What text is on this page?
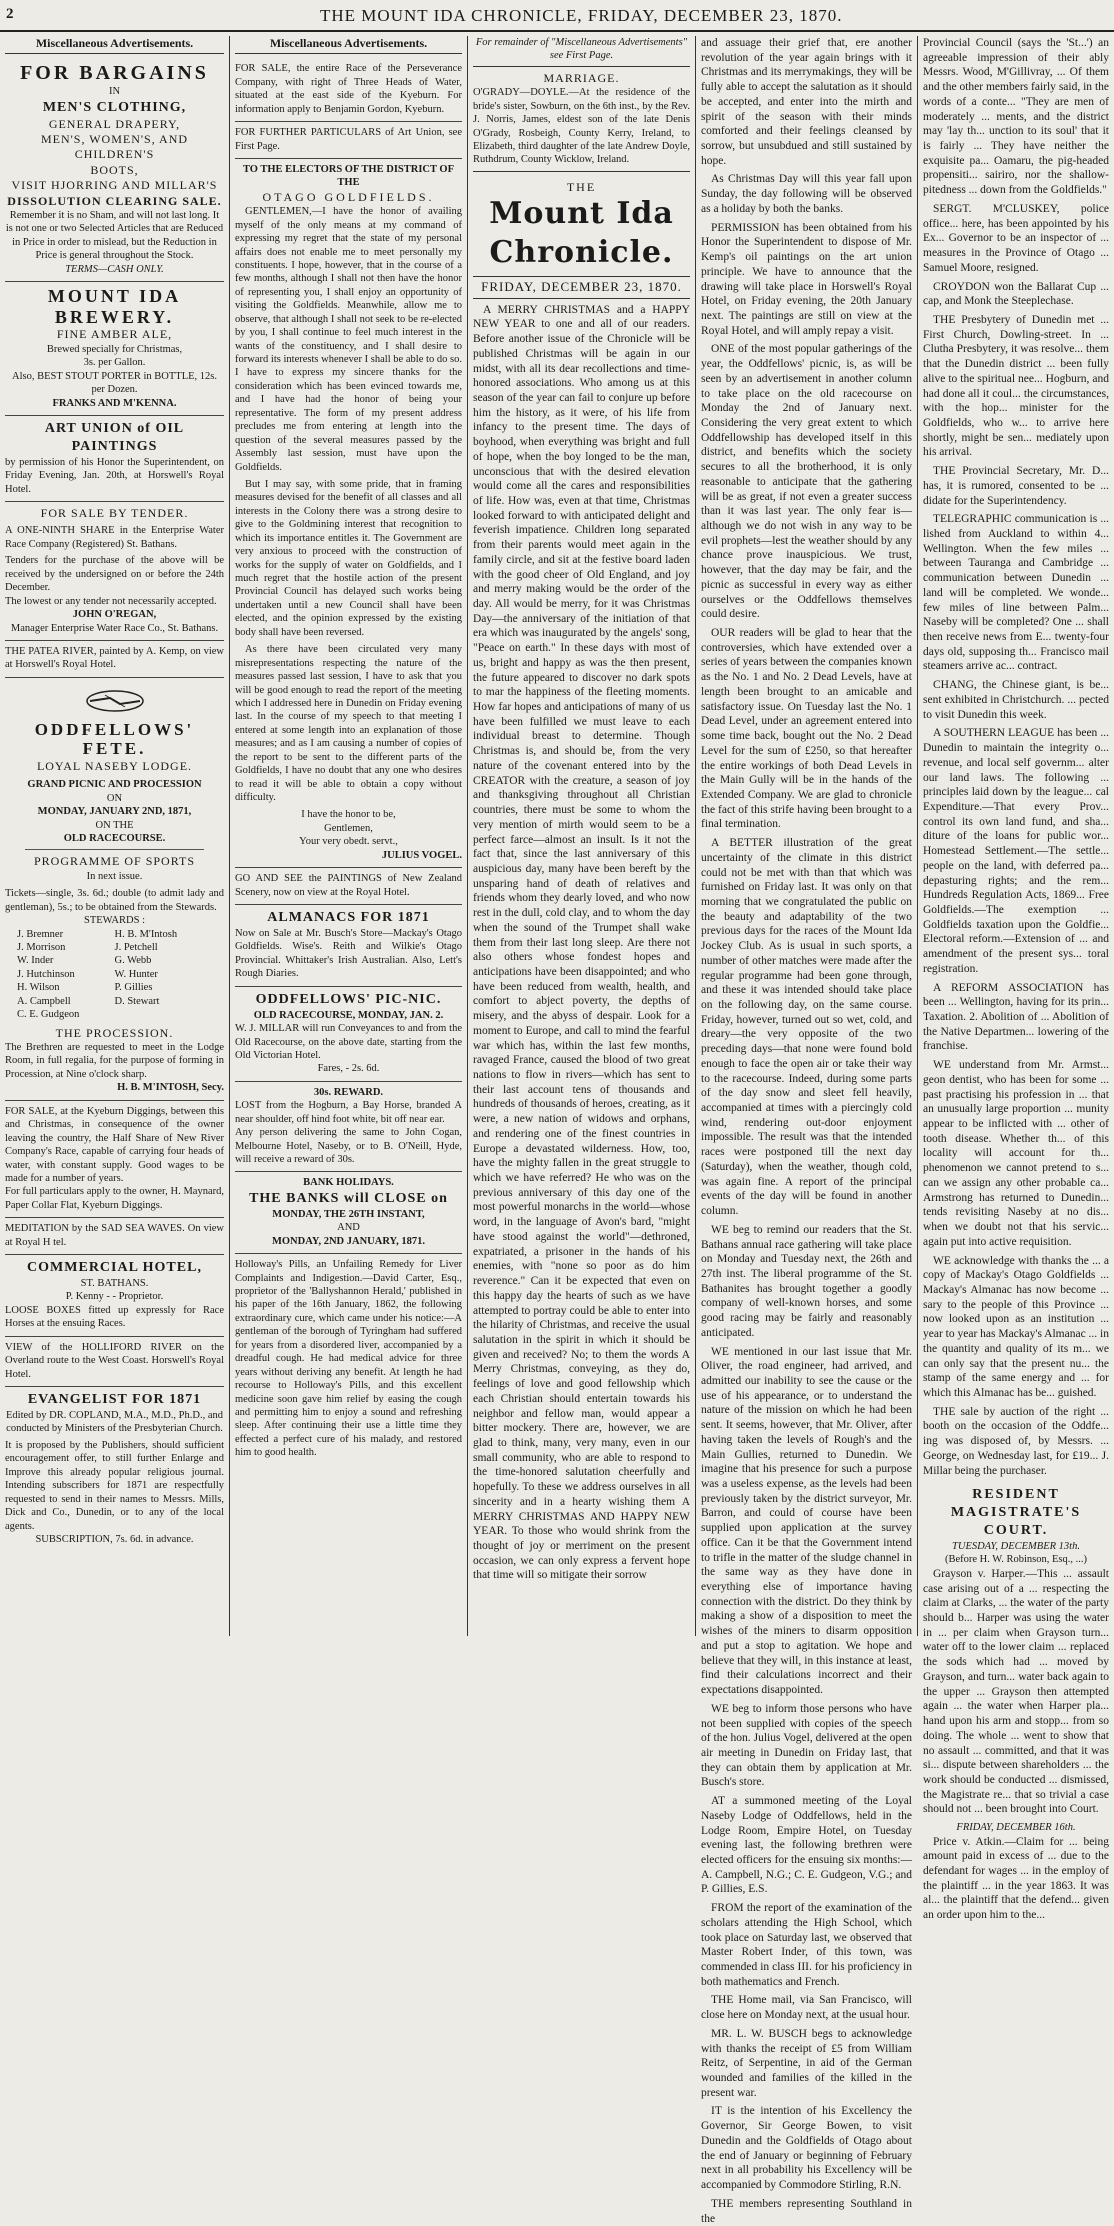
2	THE MOUNT IDA CHRONICLE, FRIDAY, DECEMBER 23, 1870.
Miscellaneous Advertisements.
FOR BARGAINS
IN
MEN'S CLOTHING,
GENERAL DRAPERY,
MEN'S, WOMEN'S, AND CHILDREN'S
BOOTS,
VISIT HJORRING AND MILLAR'S
DISSOLUTION CLEARING SALE.
Remember it is no Sham, and will not last long. It is not one or two Selected Articles that are Reduced in Price in order to mislead, but the Reduction in Price is general throughout the Stock.
TERMS—CASH ONLY.
MOUNT IDA BREWERY.
FINE AMBER ALE,
Brewed specially for Christmas,
3s. per Gallon.
Also, BEST STOUT PORTER in BOTTLE, 12s. per Dozen.
FRANKS AND M'KENNA.
ART UNION of OIL PAINTINGS
by permission of his Honor the Superintendent, on Friday Evening, Jan. 20th, at Horswell's Royal Hotel.
FOR SALE BY TENDER.
A ONE-NINTH SHARE in the Enterprise Water Race Company (Registered) St. Bathans.
Tenders for the purchase of the above will be received by the undersigned on or before the 24th December.
The lowest or any tender not necessarily accepted.
JOHN O'REGAN,
Manager Enterprise Water Race Co., St. Bathans.
THE PATEA RIVER, painted by A. Kemp, on view at Horswell's Royal Hotel.
ODDFELLOWS' FETE.
LOYAL NASEBY LODGE.
GRAND PICNIC AND PROCESSION
ON
MONDAY, JANUARY 2ND, 1871,
ON THE
OLD RACECOURSE.
PROGRAMME OF SPORTS
In next issue.
Tickets—single, 3s. 6d.; double (to admit lady and gentleman), 5s.; to be obtained from the Stewards.
STEWARDS :
J. Bremner	H. B. M'Intosh
J. Morrison	J. Petchell
W. Inder	G. Webb
J. Hutchinson	W. Hunter
H. Wilson	P. Gillies
A. Campbell	D. Stewart
C. E. Gudgeon
THE PROCESSION.
The Brethren are requested to meet in the Lodge Room, in full regalia, for the purpose of forming in Procession, at Nine o'clock sharp.
H. B. M'INTOSH, Secy.
FOR SALE, at the Kyeburn Diggings, between this and Christmas, in consequence of the owner leaving the country, the Half Share of New River Company's Race, capable of carrying four heads of water, with constant supply. Good wages to be made for a number of years.
For full particulars apply to the owner, H. Maynard, Paper Collar Flat, Kyeburn Diggings.
MEDITATION by the SAD SEA WAVES. On view at Royal H tel.
COMMERCIAL HOTEL,
ST. BATHANS.
P. Kenny - - Proprietor.
LOOSE BOXES fitted up expressly for Race Horses at the ensuing Races.
VIEW of the HOLLIFORD RIVER on the Overland route to the West Coast. Horswell's Royal Hotel.
EVANGELIST FOR 1871
Edited by DR. COPLAND, M.A., M.D., Ph.D., and conducted by Ministers of the Presbyterian Church.
It is proposed by the Publishers, should sufficient encouragement offer, to still further Enlarge and Improve this already popular religious journal. Intending subscribers for 1871 are respectfully requested to send in their names to Messrs. Mills, Dick and Co., Dunedin, or to any of the local agents.
SUBSCRIPTION, 7s. 6d. in advance.
Miscellaneous Advertisements.
FOR SALE, the entire Race of the Perseverance Company, with right of Three Heads of Water, situated at the east side of the Kyeburn. For information apply to Benjamin Gordon, Kyeburn.
FOR FURTHER PARTICULARS of Art Union, see First Page.
TO THE ELECTORS OF THE DISTRICT OF THE
OTAGO GOLDFIELDS.

GENTLEMEN,—I have the honor of availing myself of the only means at my command of expressing my regret that the state of my personal affairs does not enable me to meet personally my constituents. I hope, however, that in the course of a few months, although I shall not then have the honor of representing you, I shall enjoy an opportunity of visiting the Goldfields. Meanwhile, allow me to observe, that although I shall not seek to be re-elected by you, I shall continue to feel much interest in the wants of the constituency, and I shall desire to forward its interests whenever I shall be able to do so. I have to express my sincere thanks for the consideration which has been evinced towards me, and I have had the honor of being your representative. The form of my present address precludes me from entering at length into the question of the several measures passed by the Assembly last session, must have upon the Goldfields.

But I may say, with some pride, that in framing measures devised for the benefit of all classes and all interests in the Colony there was a strong desire to give to the Goldmining interest that recognition to which its importance entitles it. The Government are very anxious to proceed with the construction of works for the supply of water on Goldfields, and I much regret that the hostile action of the present Provincial Council has delayed such works being undertaken until a new Council shall have been elected, and the opinion expressed by the existing body shall have been reversed.

As there have been circulated very many misrepresentations respecting the nature of the measures passed last session, I have to ask that you will be good enough to read the report of the meeting which I addressed here in Dunedin on Friday evening last. In the course of my speech to that meeting I entered at some length into an explanation of those measures; and as I am causing a number of copies of the report to be sent to the different parts of the Goldfields, I have no doubt that any one who desires to read it will be able to obtain a copy without difficulty.

I have the honor to be,
Gentlemen,
Your very obedt. servt.,
JULIUS VOGEL.
GO AND SEE the PAINTINGS of New Zealand Scenery, now on view at the Royal Hotel.
ALMANACS FOR 1871
Now on Sale at Mr. Busch's Store—Mackay's Otago Goldfields. Wise's. Reith and Wilkie's Otago Provincial. Whittaker's Irish Australian. Also, Lett's Rough Diaries.
ODDFELLOWS' PIC-NIC.
OLD RACECOURSE, MONDAY, JAN. 2.
W. J. MILLAR will run Conveyances to and from the Old Racecourse, on the above date, starting from the Old Victorian Hotel.
Fares, - 2s. 6d.
30s. REWARD.
LOST from the Hogburn, a Bay Horse, branded A near shoulder, off hind foot white, bit off near ear.
Any person delivering the same to John Cogan, Melbourne Hotel, Naseby, or to B. O'Neill, Hyde, will receive a reward of 30s.
BANK HOLIDAYS.
THE BANKS will CLOSE on
MONDAY, THE 26TH INSTANT,
AND
MONDAY, 2ND JANUARY, 1871.
Holloway's Pills, an Unfailing Remedy for Liver Complaints and Indigestion.—David Carter, Esq., proprietor of the 'Ballyshannon Herald,' published in his paper of the 16th January, 1862, the following extraordinary cure, which came under his notice:—A gentleman of the borough of Tyringham had suffered for years from a disordered liver, accompanied by a dreadful cough. He had medical advice for three years without deriving any benefit. At length he had recourse to Holloway's Pills, and this excellent medicine soon gave him relief by easing the cough and permitting him to enjoy a sound and refreshing sleep. After continuing their use a little time they effected a perfect cure of his malady, and restored him to good health.
For remainder of "Miscellaneous Advertisements" see First Page.
MARRIAGE.
O'GRADY—DOYLE.—At the residence of the bride's sister, Sowburn, on the 6th inst., by the Rev. J. Norris, James, eldest son of the late Denis O'Grady, Rosbeigh, County Kerry, Ireland, to Elizabeth, third daughter of the late Andrew Doyle, Ruthdrum, County Wicklow, Ireland.
THE
Mount Ida Chronicle.
FRIDAY, DECEMBER 23, 1870.

A MERRY CHRISTMAS and a HAPPY NEW YEAR to one and all of our readers. Before another issue of the Chronicle will be published Christmas will be again in our midst, with all its dear recollections and time-honored associations. Who among us at this season of the year can fail to conjure up before him the history, as it were, of his life from infancy to the present time. The days of boyhood, when everything was bright and full of hope, when the boy longed to be the man, unconscious that with the desired elevation would come all the cares and responsibilities of life. How was, even at that time, Christmas looked forward to with anticipated delight and feverish impatience. Children long separated from their parents would meet again in the family circle, and sit at the festive board laden with the good cheer of Old England, and joy and merry making would be the order of the day. All would be merry, for it was Christmas Day—the anniversary of the initiation of that era which was inaugurated by the angels' song, "Peace on earth." In these days with most of us, bright and happy as was the then present, the future appeared to discover no dark spots to mar the happiness of the fleeting moments. How far hopes and anticipations of many of us have been fulfilled we must leave to each individual breast to determine. Though Christmas is, and should be, from the very nature of the covenant entered into by the CREATOR with the creature, a season of joy and thanksgiving throughout all Christian countries, there must be some to whom the very mention of mirth would seem to be a perfect farce—almost an insult. Is it not the fact that, since the last anniversary of this auspicious day, many have been bereft by the unsparing hand of death of relatives and friends whom they dearly loved, and who now rest in the dull, cold clay, and to whom the day when the sound of the Trumpet shall wake them from their last long sleep. Are there not also others whose fondest hopes and anticipations have been disappointed; and who have been reduced from wealth, health, and comfort to abject poverty, the depths of misery, and the abyss of despair. Look for a moment to Europe, and call to mind the fearful war which has, within the last few months, ravaged France, caused the blood of two great nations to flow in rivers—which has sent to their last account tens of thousands and hundreds of thousands of heroes, creating, as it were, a new nation of widows and orphans, and rendering one of the finest countries in Europe a devastated wilderness. How, too, have the mighty fallen in the great struggle to which we have referred? He who was on the previous anniversary of this day one of the most powerful monarchs in the world—whose word, in the language of Avon's bard, "might have stood against the world"—dethroned, expatriated, a prisoner in the hands of his enemies, with "none so poor as do him reverence." Can it be expected that even on this happy day the hearts of such as we have attempted to portray could be able to enter into the hilarity of Christmas, and receive the usual salutation in the spirit in which it should be given and received? No; to them the words A Merry Christmas, conveying, as they do, feelings of love and good fellowship which each Christian should entertain towards his neighbor and fellow man, would appear a bitter mockery. There are, however, we are glad to think, many, very many, even in our small community, who are able to respond to the time-honored salutation cheerfully and hopefully. To these we address ourselves in all sincerity and in a hearty wishing them A MERRY CHRISTMAS AND HAPPY NEW YEAR. To those who would shrink from the thought of joy or merriment on the present occasion, we can only express a fervent hope that time will so mitigate their sorrow

and assuage their grief that, ere another revolution of the year again brings with it Christmas and its merrymakings, they will be fully able to accept the salutation as it should be accepted, and enter into the mirth and spirit of the season with their minds comforted and their feelings cleansed by sorrow, but unsubdued and still sustained by hope.

As Christmas Day will this year fall upon Sunday, the day following will be observed as a holiday by both the banks.

PERMISSION has been obtained from his Honor the Superintendent to dispose of Mr. Kemp's oil paintings on the art union principle. We have to announce that the drawing will take place in Horswell's Royal Hotel, on Friday evening, the 20th January next. The paintings are still on view at the Royal Hotel, and will amply repay a visit.

ONE of the most popular gatherings of the year, the Oddfellows' picnic, is, as will be seen by an advertisement in another column to take place on the old racecourse on Monday the 2nd of January next. Considering the very great extent to which Oddfellowship has developed itself in this district, and benefits which the society secures to all the brotherhood, it is only reasonable to anticipate that the gathering will be as great, if not even a greater success than it was last year. The only fear is—although we do not wish in any way to be evil prophets—lest the weather should by any chance prove inauspicious. We trust, however, that the day may be fair, and the picnic as successful in every way as either ourselves or the Oddfellows themselves could desire.

OUR readers will be glad to hear that the controversies, which have extended over a series of years between the companies known as the No. 1 and No. 2 Dead Levels, have at length been brought to an amicable and satisfactory issue. On Tuesday last the No. 1 Dead Level, under an agreement entered into some time back, bought out the No. 2 Dead Level for the sum of £250, so that hereafter the entire workings of both Dead Levels in the Main Gully will be in the hands of the Extended Company. We are glad to chronicle the fact of this strife having been brought to a final termination.

A BETTER illustration of the great uncertainty of the climate in this district could not be met with than that which was furnished on Friday last. It was only on that morning that we congratulated the public on the beauty and adaptability of the two previous days for the races of the Mount Ida Jockey Club. As is usual in such sports, a number of other matches were made after the regular programme had been gone through, and these it was intended should take place on the following day, on the same course. Friday, however, turned out so wet, cold, and dreary—the very opposite of the two preceding days—that none were found bold enough to face the open air or take their way to the racecourse. Indeed, during some parts of the day snow and sleet fell heavily, accompanied at times with a piercingly cold wind, rendering out-door enjoyment impossible. The result was that the intended races were postponed till the next day (Saturday), when the weather, though cold, was again fine. A report of the principal events of the day will be found in another column.

WE beg to remind our readers that the St. Bathans annual race gathering will take place on Monday and Tuesday next, the 26th and 27th inst. The liberal programme of the St. Bathanites has brought together a goodly company of well-known horses, and some good racing may be fairly and reasonably anticipated.

WE mentioned in our last issue that Mr. Oliver, the road engineer, had arrived, and admitted our inability to see the cause or the use of his appearance, or to understand the nature of the mission on which he had been sent. It seems, however, that Mr. Oliver, after having taken the levels of Rough's and the Main Gullies, returned to Dunedin. We imagine that his presence for such a purpose was a useless expense, as the levels had been previously taken by the district surveyor, Mr. Barron, and could of course have been supplied upon application at the survey office. Can it be that the Government intend to trifle in the matter of the sludge channel in the same way as they have done in everything else of importance having connection with the district. Do they think by making a show of a disposition to meet the wishes of the miners to disarm opposition and put a stop to agitation. We hope and believe that they will, in this instance at least, find their calculations incorrect and their expectations disappointed.

WE beg to inform those persons who have not been supplied with copies of the speech of the hon. Julius Vogel, delivered at the open air meeting in Dunedin on Friday last, that they can obtain them by application at Mr. Busch's store.

AT a summoned meeting of the Loyal Naseby Lodge of Oddfellows, held in the Lodge Room, Empire Hotel, on Tuesday evening last, the following brethren were elected officers for the ensuing six months:—A. Campbell, N.G.; C. E. Gudgeon, V.G.; and P. Gillies, E.S.

FROM the report of the examination of the scholars attending the High School, which took place on Saturday last, we observed that Master Robert Inder, of this town, was commended in class III. for his proficiency in both mathematics and French.

THE Home mail, via San Francisco, will close here on Monday next, at the usual hour.

MR. L. W. BUSCH begs to acknowledge with thanks the receipt of £5 from William Reitz, of Serpentine, in aid of the German wounded and families of the killed in the present war.

IT is the intention of his Excellency the Governor, Sir George Bowen, to visit Dunedin and the Goldfields of Otago about the end of January or beginning of February next in all probability his Excellency will be accompanied by Commodore Stirling, R.N.

THE members representing Southland in the

Provincial Council (says the 'St...') an agreeable impression of their ably Messrs. Wood, M'Gillivray, ... Of them and the other members fairly said, in the words of a conte... "They are men of moderately ... ments, and the district may 'lay th... unction to its soul' that it is fairly ... They have neither the exquisite pa... Oamaru, the pig-headed propensiti... sairiro, nor the shallow-pitedness ... down from the Goldfields."

SERGT. M'CLUSKEY, police office... here, has been appointed by his Ex... Governor to be an inspector of ... measures in the Province of Otago ... Samuel Moore, resigned.

CROYDON won the Ballarat Cup ... cap, and Monk the Steeplechase.

THE Presbytery of Dunedin met ... First Church, Dowling-street. In ... Clutha Presbytery, it was resolve... them that the Dunedin district ... been fully alive to the spiritual nee... Hogburn, and had done all it coul... the circumstances, with the hop... minister for the Goldfields, who w... to arrive here shortly, might be sen... mediately upon his arrival.

THE Provincial Secretary, Mr. D... has, it is rumored, consented to be ... didate for the Superintendency.

TELEGRAPHIC communication is ... lished from Auckland to within 4... Wellington. When the few miles ... between Tauranga and Cambridge ... communication between Dunedin ... land will be completed. We wonde... few miles of line between Palm... Naseby will be completed? One ... shall then receive news from E... twenty-four days old, supposing th... Francisco mail steamers arrive ac... contract.

CHANG, the Chinese giant, is be... sent exhibited in Christchurch. ... pected to visit Dunedin this week.

A SOUTHERN LEAGUE has been ... Dunedin to maintain the integrity o... revenue, and local self governm... alter our land laws. The following ... principles laid down by the league... cal Expenditure.—That every Prov... control its own land fund, and sha... diture of the loans for public wor... Homestead Settlement.—The settle... people on the land, with deferred pa... depasturing rights; and the rem... Hundreds Regulation Acts, 1869... Free Goldfields.—The exemption ... Goldfields taxation upon the Goldfie... Electoral reform.—Extension of ... and amendment of the present sys... toral registration.

A REFORM ASSOCIATION has been ... Wellington, having for its prin... Taxation. 2. Abolition of ... Abolition of the Native Departmen... lowering of the franchise.

WE understand from Mr. Armst... geon dentist, who has been for some ... past practising his profession in ... that an unusually large proportion ... munity appear to be inflicted with ... other of tooth disease. Whether th... of this locality will account for th... phenomenon we cannot pretend to s... can we assign any other probable ca... Armstrong has returned to Dunedin... tends revisiting Naseby at no dis... when we doubt not that his servic... again put into active requisition.

WE acknowledge with thanks the ... a copy of Mackay's Otago Goldfields ... Mackay's Almanac has now become ... sary to the people of this Province ... now looked upon as an institution ... year to year has Mackay's Almanac ... in the quantity and quality of its m... we can only say that the present nu... the stamp of the same energy and ... for which this Almanac has be... guished.

THE sale by auction of the right ... booth on the occasion of the Oddfe... ing was disposed of, by Messrs. ... George, on Wednesday last, for £19... J. Millar being the purchaser.

RESIDENT MAGISTRATE'S COURT.
TUESDAY, DECEMBER 13th.
(Before H. W. Robinson, Esq., ...)

Grayson v. Harper.—This ... assault case arising out of a ... respecting the claim at Clarks, ... the water of the party should b... Harper was using the water in ... per claim when Grayson turn... water off to the lower claim ... replaced the sods which had ... moved by Grayson, and turn... water back again to the upper ... Grayson then attempted again ... the water when Harper pla... hand upon his arm and stopp... from so doing. The whole ... went to show that no assault ... committed, and that it was si... dispute between shareholders ... the work should be conducted ... dismissed, the Magistrate re... that so trivial a case should not ... been brought into Court.

FRIDAY, DECEMBER 16th.

Price v. Atkin.—Claim for ... being amount paid in excess of ... due to the defendant for wages ... in the employ of the plaintiff ... in the year 1863. It was al... the plaintiff that the defend... given an order upon him to the...
